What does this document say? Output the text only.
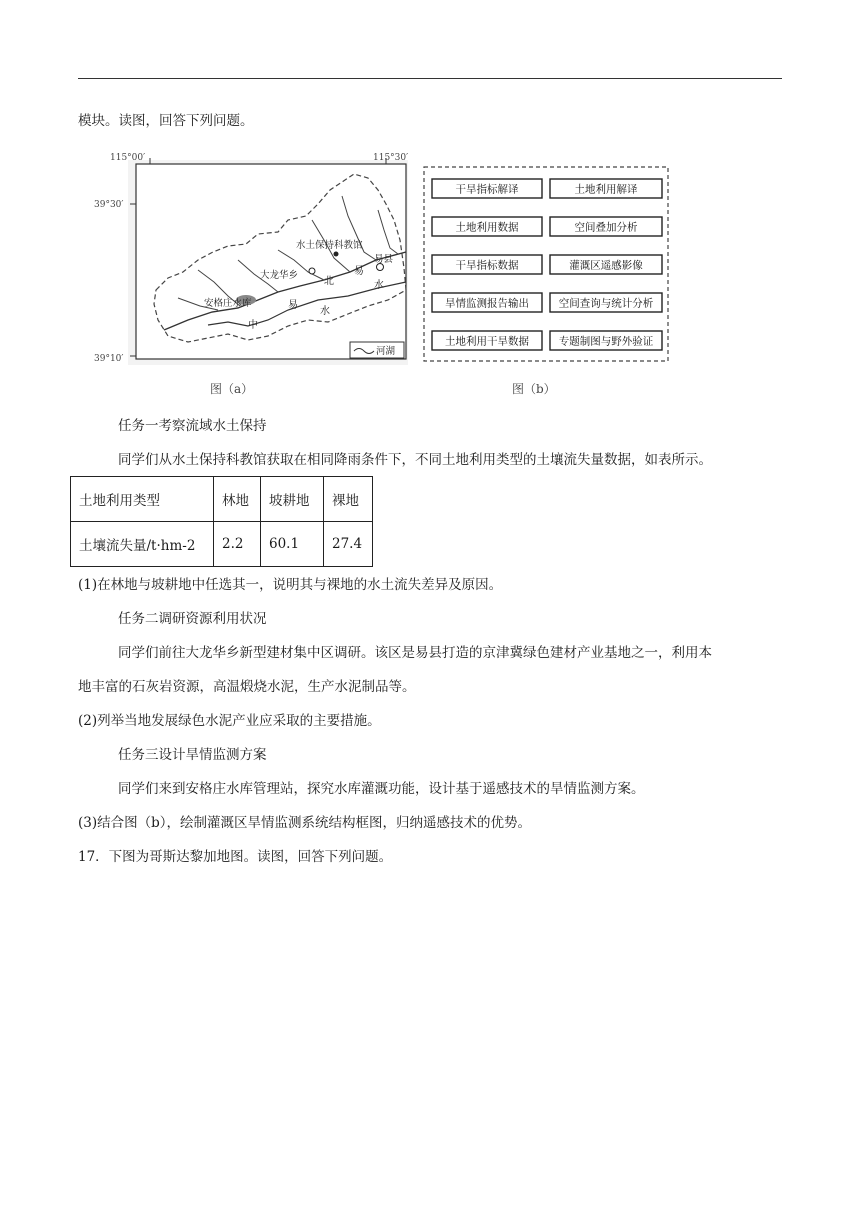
模块。读图，回答下列问题。
115°00′	115°30′
水土保持科教馆
易县
大龙华乡
安格庄水库
北
易
水
中
易
水
河湖
39°30′
39°10′
图（a）
干旱指标解译	土地利用解译
土地利用数据	空间叠加分析
干旱指标数据	灌溉区遥感影像
旱情监测报告输出	空间查询与统计分析
土地利用干旱数据	专题制图与野外验证
图（b）
任务一考察流域水土保持
同学们从水土保持科教馆获取在相同降雨条件下，不同土地利用类型的土壤流失量数据，如表所示。
土地利用类型	林地	坡耕地	裸地
土壤流失量/t·hm-2	2.2	60.1	27.4
(1)在林地与坡耕地中任选其一，说明其与裸地的水土流失差异及原因。
任务二调研资源利用状况
同学们前往大龙华乡新型建材集中区调研。该区是易县打造的京津冀绿色建材产业基地之一，利用本
地丰富的石灰岩资源，高温煅烧水泥，生产水泥制品等。
(2)列举当地发展绿色水泥产业应采取的主要措施。
任务三设计旱情监测方案
同学们来到安格庄水库管理站，探究水库灌溉功能，设计基于遥感技术的旱情监测方案。
(3)结合图（b），绘制灌溉区旱情监测系统结构框图，归纳遥感技术的优势。
17．下图为哥斯达黎加地图。读图，回答下列问题。
